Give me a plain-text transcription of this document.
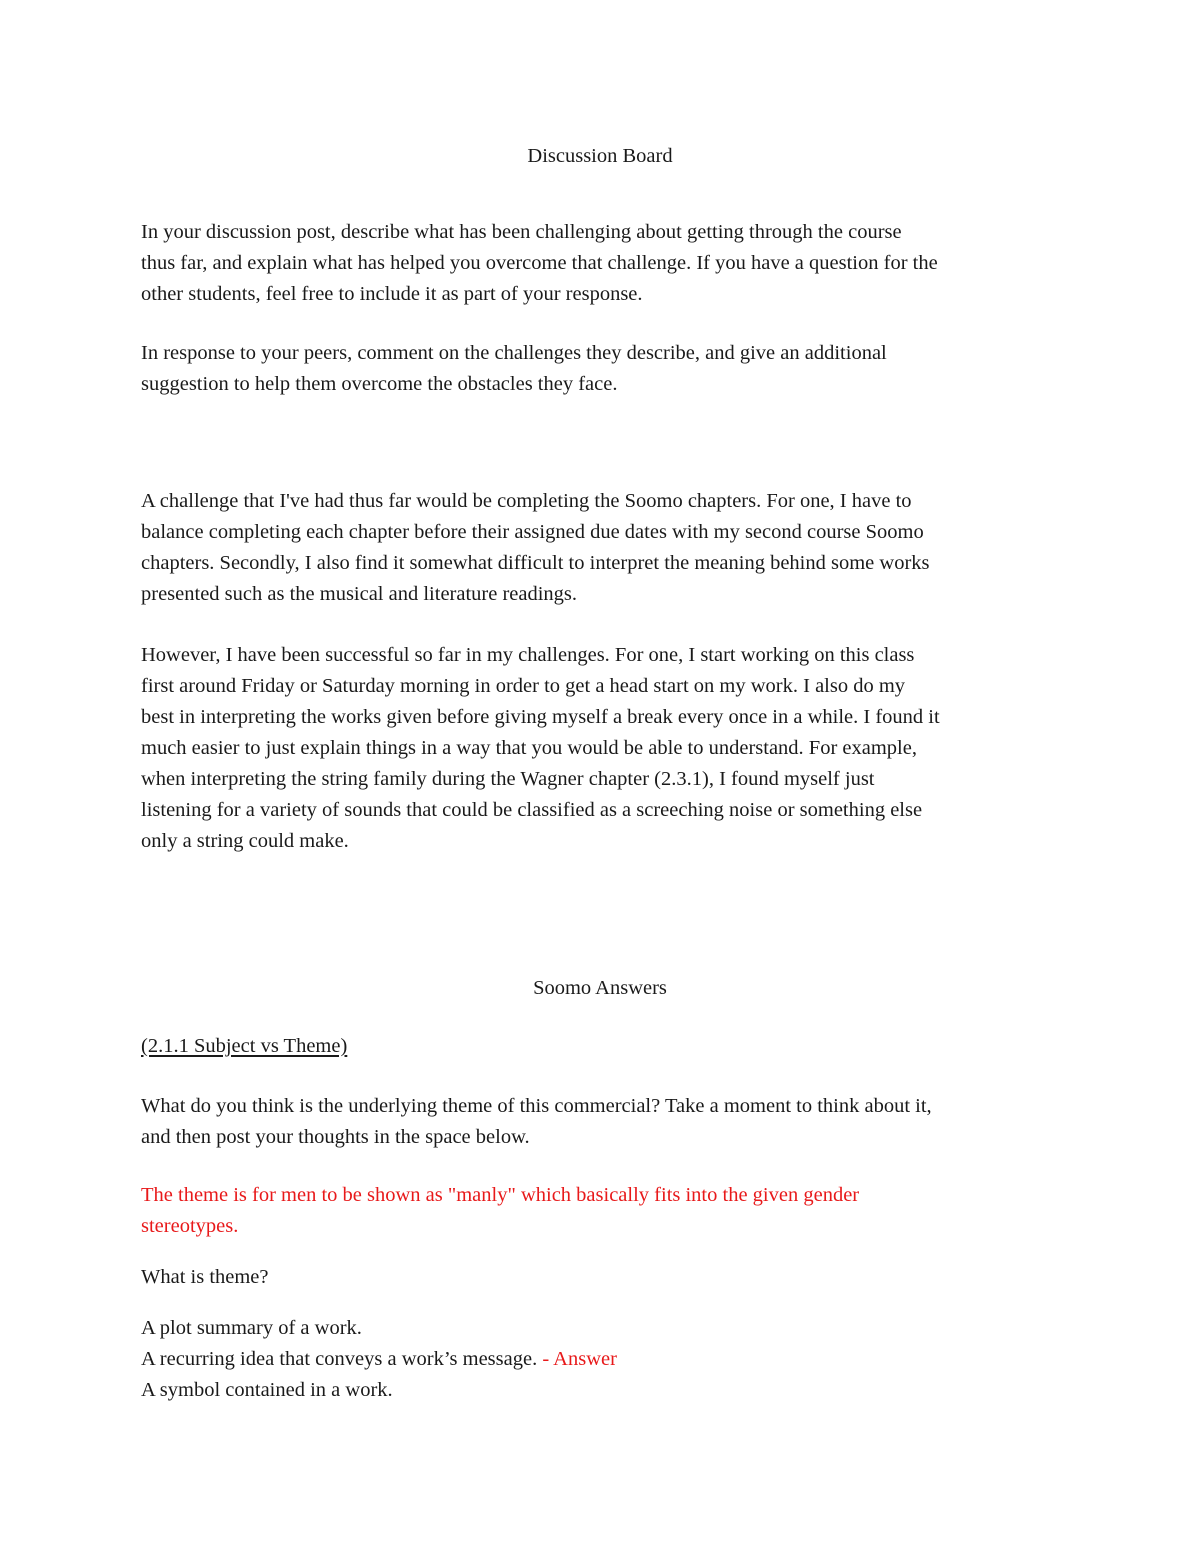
Discussion Board
In your discussion post, describe what has been challenging about getting through the course
thus far, and explain what has helped you overcome that challenge. If you have a question for the
other students, feel free to include it as part of your response.
In response to your peers, comment on the challenges they describe, and give an additional
suggestion to help them overcome the obstacles they face.
A challenge that I've had thus far would be completing the Soomo chapters. For one, I have to
balance completing each chapter before their assigned due dates with my second course Soomo
chapters. Secondly, I also find it somewhat difficult to interpret the meaning behind some works
presented such as the musical and literature readings.
However, I have been successful so far in my challenges. For one, I start working on this class
first around Friday or Saturday morning in order to get a head start on my work. I also do my
best in interpreting the works given before giving myself a break every once in a while. I found it
much easier to just explain things in a way that you would be able to understand. For example,
when interpreting the string family during the Wagner chapter (2.3.1), I found myself just
listening for a variety of sounds that could be classified as a screeching noise or something else
only a string could make.
Soomo Answers
(2.1.1 Subject vs Theme)
What do you think is the underlying theme of this commercial? Take a moment to think about it,
and then post your thoughts in the space below.
The theme is for men to be shown as "manly" which basically fits into the given gender
stereotypes.
What is theme?
A plot summary of a work.
A recurring idea that conveys a work’s message. - Answer
A symbol contained in a work.
